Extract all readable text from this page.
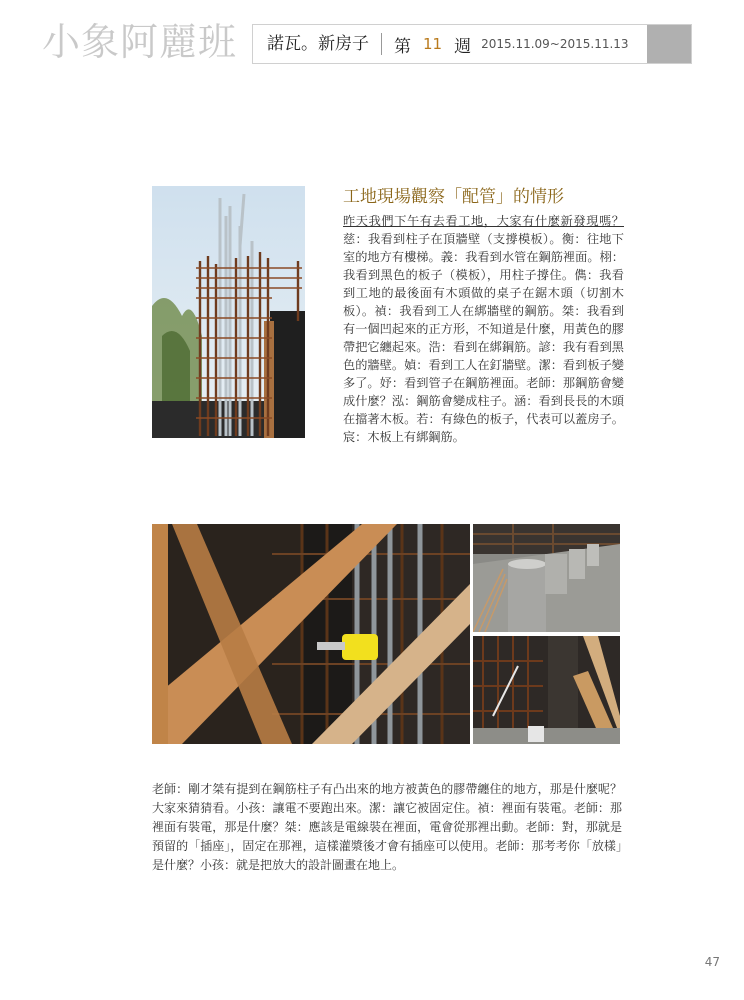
小象阿麗班	諾瓦。新房子	第 11 週 2015.11.09~2015.11.13
工地現場觀察「配管」的情形
昨天我們下午有去看工地，大家有什麼新發現嗎？慈：我看到柱子在頂牆壁（支撐模板）。衡：往地下室的地方有樓梯。義：我看到水管在鋼筋裡面。栩：我看到黑色的板子（模板），用柱子撐住。儁：我看到工地的最後面有木頭做的桌子在鋸木頭（切割木板）。禎：我看到工人在綁牆壁的鋼筋。桀：我看到有一個凹起來的正方形，不知道是什麼，用黃色的膠帶把它纏起來。浩：看到在綁鋼筋。諺：我有看到黑色的牆壁。媜：看到工人在釘牆壁。潔：看到板子變多了。妤：看到管子在鋼筋裡面。老師：那鋼筋會變成什麼？泓：鋼筋會變成柱子。涵：看到長長的木頭在擋著木板。若：有綠色的板子，代表可以蓋房子。宸：木板上有綁鋼筋。
老師：剛才桀有提到在鋼筋柱子有凸出來的地方被黃色的膠帶纏住的地方，那是什麼呢？大家來猜猜看。小孩：讓電不要跑出來。潔：讓它被固定住。禎：裡面有裝電。老師：那裡面有裝電，那是什麼？桀：應該是電線裝在裡面，電會從那裡出動。老師：對，那就是預留的「插座」，固定在那裡，這樣灌漿後才會有插座可以使用。老師：那考考你「放樣」是什麼？小孩：就是把放大的設計圖畫在地上。
47
